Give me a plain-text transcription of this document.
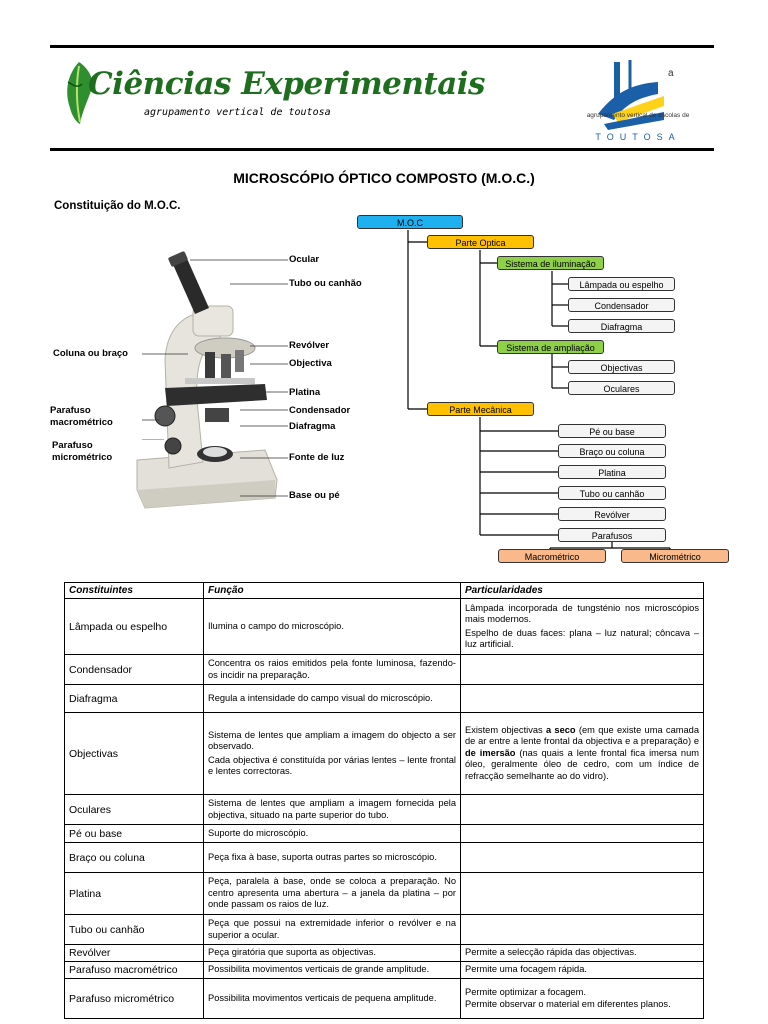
Ciências Experimentais
agrupamento vertical de toutosa
a
agrupamento vertical de escolas de
TOUTOSA
MICROSCÓPIO ÓPTICO COMPOSTO (M.O.C.)
Constituição do M.O.C.
Ocular
Tubo ou canhão
Revólver
Objectiva
Platina
Condensador
Diafragma
Fonte de luz
Base ou pé
Coluna ou braço
Parafuso
macrométrico
Parafuso
micrométrico
M.O.C
Parte Optica
Sistema de iluminação
Lâmpada ou espelho
Condensador
Diafragma
Sistema de ampliação
Objectivas
Oculares
Parte Mecânica
Pé ou base
Braço ou coluna
Platina
Tubo ou canhão
Revólver
Parafusos
Macrométrico	Micrométrico
Constituintes	Função	Particularidades
Lâmpada ou espelho	Ilumina o campo do microscópio.	Lâmpada incorporada de tungsténio nos microscópios mais modernos.

Espelho de duas faces: plana – luz natural; côncava – luz artificial.

Condensador	Concentra os raios emitidos pela fonte luminosa, fazendo-os incidir na preparação.	
Diafragma	Regula a intensidade do campo visual do microscópio.	
Objectivas	Sistema de lentes que ampliam a imagem do objecto a ser observado.

Cada objectiva é constituída por várias lentes – lente frontal e lentes correctoras.	Existem objectivas a seco (em que existe uma camada de ar entre a lente frontal da objectiva e a preparação) e de imersão (nas quais a lente frontal fica imersa num óleo, geralmente óleo de cedro, com um índice de refracção semelhante ao do vidro).
Oculares	Sistema de lentes que ampliam a imagem fornecida pela objectiva, situado na parte superior do tubo.	
Pé ou base	Suporte do microscópio.	
Braço ou coluna	Peça fixa à base, suporta outras partes so microscópio.	
Platina	Peça, paralela à base, onde se coloca a preparação. No centro apresenta uma abertura – a janela da platina – por onde passam os raios de luz.	
Tubo ou canhão	Peça que possui na extremidade inferior o revólver e na superior a ocular.	
Revólver	Peça giratória que suporta as objectivas.	Permite a selecção rápida das objectivas.
Parafuso macrométrico	Possibilita movimentos verticais de grande amplitude.	Permite uma focagem rápida.
Parafuso micrométrico	Possibilita movimentos verticais de pequena amplitude.	Permite optimizar a focagem.

Permite observar o material em diferentes planos.
